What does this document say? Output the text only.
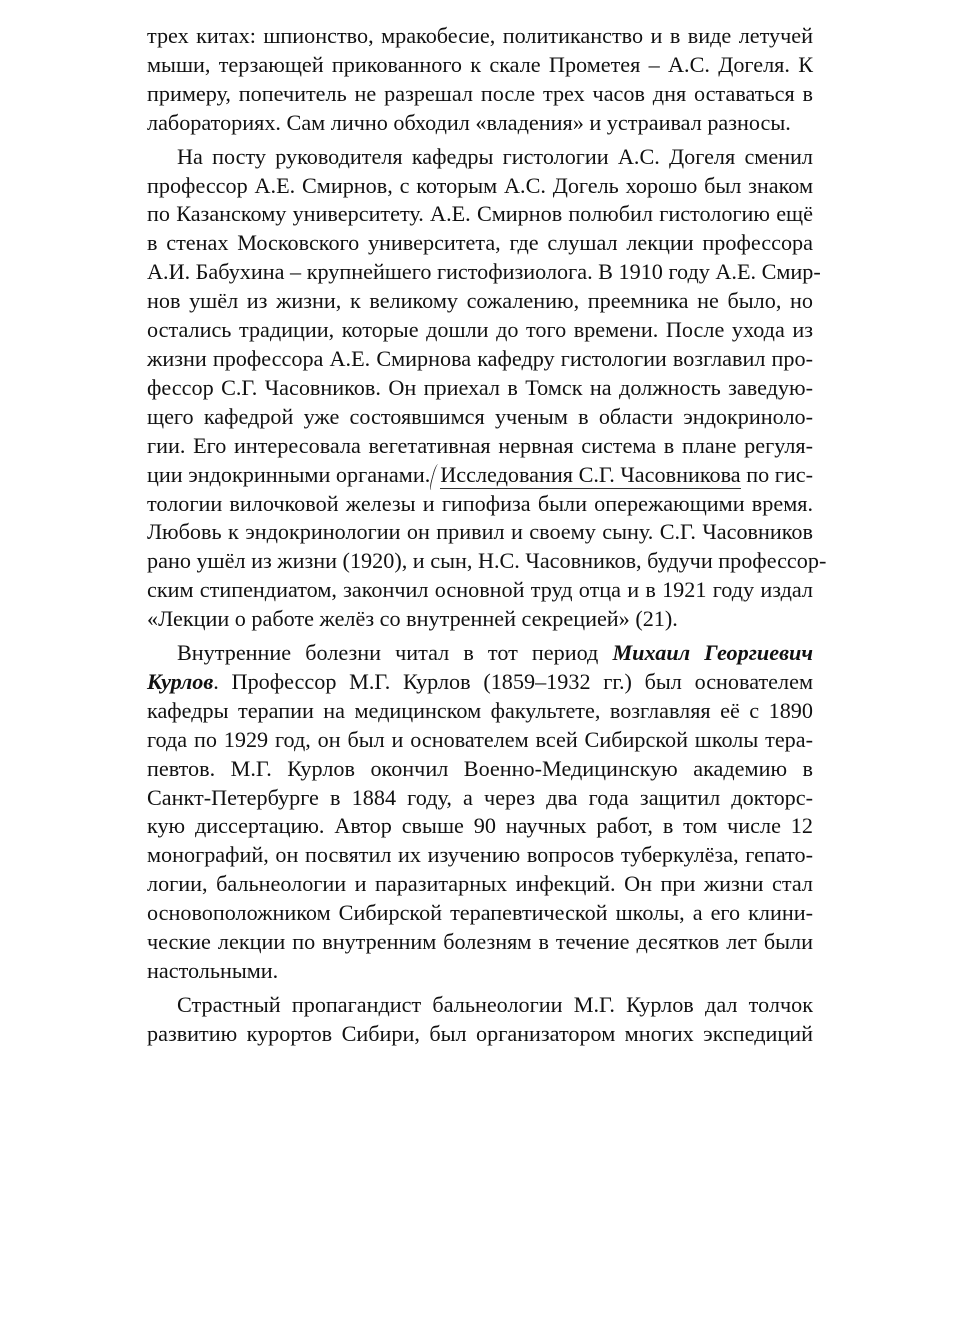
трех китах: шпионство, мракобесие, политиканство и в виде летучей
мыши, терзающей прикованного к скале Прометея – А.С. Догеля. К
примеру, попечитель не разрешал после трех часов дня оставаться в
лабораториях. Сам лично обходил «владения» и устраивал разносы.
На посту руководителя кафедры гистологии А.С. Догеля сменил
профессор А.Е. Смирнов, с которым А.С. Догель хорошо был знаком
по Казанскому университету. А.Е. Смирнов полюбил гистологию ещё
в стенах Московского университета, где слушал лекции профессора
А.И. Бабухина – крупнейшего гистофизиолога. В 1910 году А.Е. Смир-
нов ушёл из жизни, к великому сожалению, преемника не было, но
остались традиции, которые дошли до того времени. После ухода из
жизни профессора А.Е. Смирнова кафедру гистологии возглавил про-
фессор С.Г. Часовников. Он приехал в Томск на должность заведую-
щего кафедрой уже состоявшимся ученым в области эндокриноло-
гии. Его интересовала вегетативная нервная система в плане регуля-
ции эндокринными органами. Исследования С.Г. Часовникова по гис-
тологии вилочковой железы и гипофиза были опережающими время.
Любовь к эндокринологии он привил и своему сыну. С.Г. Часовников
рано ушёл из жизни (1920), и сын, Н.С. Часовников, будучи профессор-
ским стипендиатом, закончил основной труд отца и в 1921 году издал
«Лекции о работе желёз со внутренней секрецией» (21).
Внутренние болезни читал в тот период Михаил Георгиевич
Курлов. Профессор М.Г. Курлов (1859–1932 гг.) был основателем
кафедры терапии на медицинском факультете, возглавляя её с 1890
года по 1929 год, он был и основателем всей Сибирской школы тера-
певтов. М.Г. Курлов окончил Военно-Медицинскую академию в
Санкт-Петербурге в 1884 году, а через два года защитил докторс-
кую диссертацию. Автор свыше 90 научных работ, в том числе 12
монографий, он посвятил их изучению вопросов туберкулёза, гепато-
логии, бальнеологии и паразитарных инфекций. Он при жизни стал
основоположником Сибирской терапевтической школы, а его клини-
ческие лекции по внутренним болезням в течение десятков лет были
настольными.
Страстный пропагандист бальнеологии М.Г. Курлов дал толчок
развитию курортов Сибири, был организатором многих экспедиций
